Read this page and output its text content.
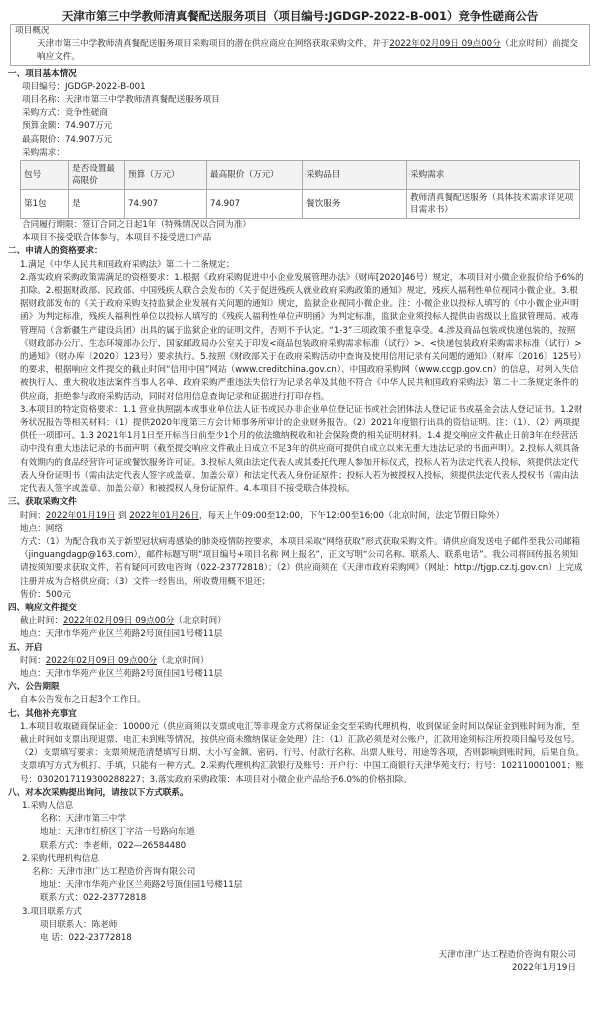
天津市第三中学教师清真餐配送服务项目（项目编号:JGDGP-2022-B-001）竞争性磋商公告
项目概况
天津市第三中学教师清真餐配送服务项目采购项目的潜在供应商应在网络获取采购文件，并于2022年02月09日 09点00分（北京时间）前提交响应文件。
一、项目基本情况
项目编号：JGDGP-2022-B-001
项目名称：天津市第三中学教师清真餐配送服务项目
采购方式：竞争性磋商
预算金额：74.907万元
最高限价：74.907万元
采购需求：
包号	是否设置最高限价	预算（万元）	最高限价（万元）	采购品目	采购需求
第1包	是	74.907	74.907	餐饮服务	教师清真餐配送服务（具体技术需求详见项目需求书）
合同履行期限：签订合同之日起1年（特殊情况以合同为准）
本项目不接受联合体参与，本项目不接受进口产品
二、申请人的资格要求：
1.满足《中华人民共和国政府采购法》第二十二条规定；
2.落实政府采购政策需满足的资格要求：1.根据《政府采购促进中小企业发展管理办法》（财库[2020]46号）规定，本项目对小微企业报价给予6%的扣除。2.根据财政部、民政部、中国残疾人联合会发布的《关于促进残疾人就业政府采购政策的通知》规定，残疾人福利性单位视同小微企业。3.根据财政部发布的《关于政府采购支持监狱企业发展有关问题的通知》规定，监狱企业视同小微企业。注：小微企业以投标人填写的《中小微企业声明函》为判定标准，残疾人福利性单位以投标人填写的《残疾人福利性单位声明函》为判定标准，监狱企业须投标人提供由省级以上监狱管理局、戒毒管理局（含新疆生产建设兵团）出具的属于监狱企业的证明文件，否则不予认定。“1-3”三项政策不重复享受。4.涉及商品包装或快递包装的，按照《财政部办公厅、生态环境部办公厅、国家邮政局办公室关于印发<商品包装政府采购需求标准（试行）>、<快递包装政府采购需求标准（试行）>的通知》（财办库〔2020〕123号）要求执行。5.按照《财政部关于在政府采购活动中查询及使用信用记录有关问题的通知》（财库〔2016〕125号）的要求，根据响应文件提交的截止时间“信用中国”网站（www.creditchina.gov.cn）、中国政府采购网（www.ccgp.gov.cn）的信息，对列入失信被执行人、重大税收违法案件当事人名单、政府采购严重违法失信行为记录名单及其他不符合《中华人民共和国政府采购法》第二十二条规定条件的供应商，拒绝参与政府采购活动，同时对信用信息查询记录和证据进行打印存档。
3.本项目的特定资格要求：1.1 营业执照副本或事业单位法人证书或民办非企业单位登记证书或社会团体法人登记证书或基金会法人登记证书。1.2财务状况报告等相关材料：（1）提供2020年度第三方会计师事务所审计的企业财务报告。（2）2021年度银行出具的资信证明。注：（1）、（2）两项提供任一项即可。1.3 2021年1月1日至开标当日前至少1个月的依法缴纳税收和社会保险费的相关证明材料。1.4 提交响应文件截止日前3年在经营活动中没有重大违法记录的书面声明（截至提交响应文件截止日成立不足3年的供应商可提供自成立以来无重大违法记录的书面声明）。2.投标人须具备有效期内的食品经营许可证或餐饮服务许可证。3.投标人须由法定代表人或其委托代理人参加开标仪式，投标人若为法定代表人投标，须提供法定代表人身份证明书（需由法定代表人签字或盖章、加盖公章）和法定代表人身份证原件；投标人若为被授权人投标，须提供法定代表人授权书（需由法定代表人签字或盖章、加盖公章）和被授权人身份证原件。4.本项目不接受联合体投标。
三、获取采购文件
时间：2022年01月19日 到 2022年01月26日，每天上午09:00至12:00，下午12:00至16:00（北京时间，法定节假日除外）
地点：网络
方式：（1）为配合我市关于新型冠状病毒感染的肺炎疫情防控要求，本项目采取“网络获取”形式获取采购文件。请供应商发送电子邮件至我公司邮箱（jinguangdagp@163.com），邮件标题写明“项目编号+项目名称 网上报名”，正文写明“公司名称、联系人、联系电话”。我公司将回传报名须知请按须知要求获取文件，若有疑问可致电咨询（022-23772818）；（2）供应商须在《天津市政府采购网》（网址：http://tjgp.cz.tj.gov.cn）上完成注册并成为合格供应商；（3）文件一经售出，所收费用概不退还；
售价：500元
四、响应文件提交
截止时间：2022年02月09日 09点00分（北京时间）
地点：天津市华苑产业区兰苑路2号顶佳园1号楼11层
五、开启
时间：2022年02月09日 09点00分（北京时间）
地点：天津市华苑产业区兰苑路2号顶佳园1号楼11层
六、公告期限
自本公告发布之日起3个工作日。
七、其他补充事宜
1.本项目收取磋商保证金：10000元（供应商须以支票或电汇等非现金方式将保证金交至采购代理机构，收到保证金时间以保证金到账时间为准，至截止时间如支票出现退票、电汇未到账等情况，按供应商未缴纳保证金处理）注：（1）汇款必须是对公账户，汇款用途须标注所投项目编号及包号。（2）支票填写要求：支票须规范清楚填写日期、大小写金额、密码、行号、付款行名称、出票人账号、用途等各项，否则影响到账时间，后果自负。支票填写方式为机打、手填，只能有一种方式。2.采购代理机构汇款银行及账号：开户行：中国工商银行天津华苑支行；行号：102110001001；账号：0302017119300288227；3.落实政府采购政策：本项目对小微企业产品给予6.0%的价格扣除。
八、对本次采购提出询问，请按以下方式联系。
1.采购人信息
名称：天津市第三中学
地址：天津市红桥区丁字沽一号路向东道
联系方式：李老师，022—26584480
2.采购代理机构信息
名称：天津市津广达工程造价咨询有限公司
地址：天津市华苑产业区兰苑路2号顶佳园1号楼11层
联系方式：022-23772818
3.项目联系方式
项目联系人：陈老师
电 话：022-23772818
天津市津广达工程造价咨询有限公司
2022年1月19日
